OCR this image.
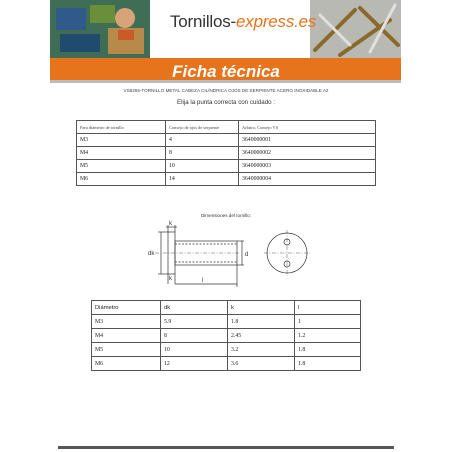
Tornillos-express.es
Ficha técnica
VS8255-TORNILLO METAL CABEZA CILÍNDRICA OJOS DE SERPIENTE ACERO INOXIDABLE A2
Elija la punta correcta con cuidado :
Para diámetro de tornillo	Consejo de ojos de serpiente	Arbitro, Consejo VS
M3	4	3640000001
M4	8	3640000002
M5	10	3640000003
M6	14	3640000004
Dimensiones del tornillo:
k
dk	d
k	l
Diámetro	dk	k	l
M3	5.9	1.8	1
M4	8	2.45	1.2
M5	10	3.2	1.8
M6	12	3.6	1.8
